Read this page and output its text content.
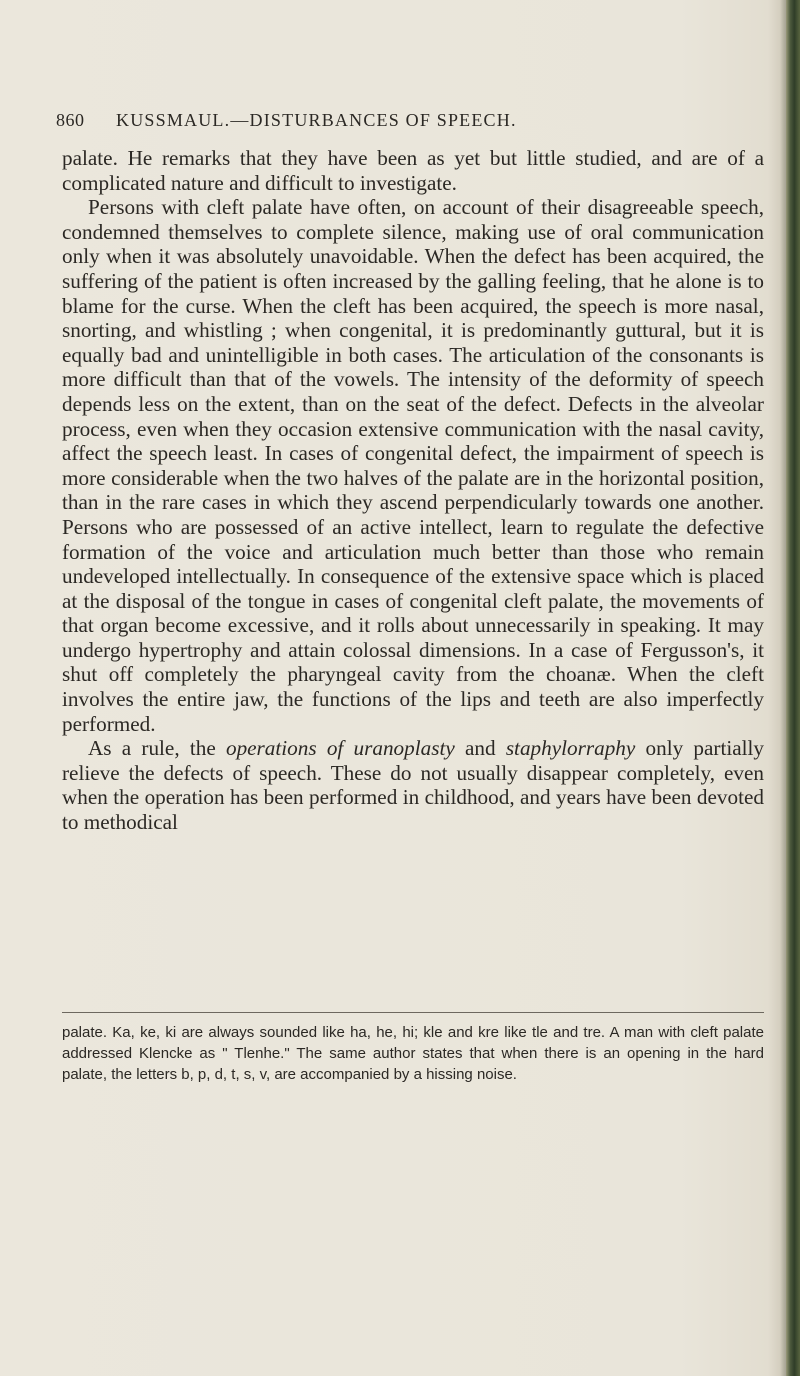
860 KUSSMAUL.—DISTURBANCES OF SPEECH.

palate. He remarks that they have been as yet but little studied, and are of a complicated nature and difficult to investigate.

Persons with cleft palate have often, on account of their disagreeable speech, condemned themselves to complete silence, making use of oral communication only when it was absolutely unavoidable. When the defect has been acquired, the suffering of the patient is often increased by the galling feeling, that he alone is to blame for the curse. When the cleft has been acquired, the speech is more nasal, snorting, and whistling ; when congenital, it is predominantly guttural, but it is equally bad and unintelligible in both cases. The articulation of the consonants is more difficult than that of the vowels. The intensity of the deformity of speech depends less on the extent, than on the seat of the defect. Defects in the alveolar process, even when they occasion extensive communication with the nasal cavity, affect the speech least. In cases of congenital defect, the impairment of speech is more considerable when the two halves of the palate are in the horizontal position, than in the rare cases in which they ascend perpendicularly towards one another. Persons who are possessed of an active intellect, learn to regulate the defective formation of the voice and articulation much better than those who remain undeveloped intellectually. In consequence of the extensive space which is placed at the disposal of the tongue in cases of congenital cleft palate, the movements of that organ become excessive, and it rolls about unnecessarily in speaking. It may undergo hypertrophy and attain colossal dimensions. In a case of Fergusson's, it shut off completely the pharyngeal cavity from the choanæ. When the cleft involves the entire jaw, the functions of the lips and teeth are also imperfectly performed.

As a rule, the operations of uranoplasty and staphylorraphy only partially relieve the defects of speech. These do not usually disappear completely, even when the operation has been performed in childhood, and years have been devoted to methodical

palate. Ka, ke, ki are always sounded like ha, he, hi; kle and kre like tle and tre. A man with cleft palate addressed Klencke as " Tlenhe." The same author states that when there is an opening in the hard palate, the letters b, p, d, t, s, v, are accompanied by a hissing noise.
